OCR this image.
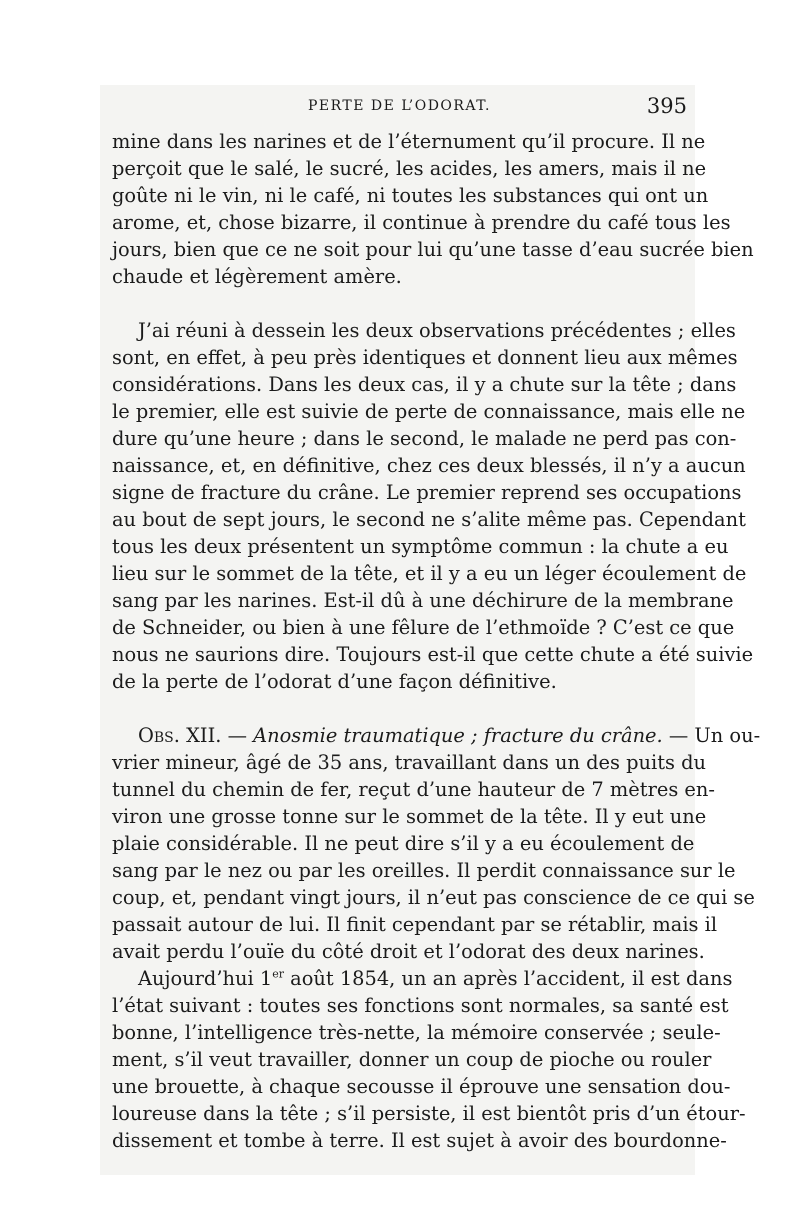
PERTE DE L’ODORAT.	395
mine dans les narines et de l’éternument qu’il procure. Il ne
perçoit que le salé, le sucré, les acides, les amers, mais il ne
goûte ni le vin, ni le café, ni toutes les substances qui ont un
arome, et, chose bizarre, il continue à prendre du café tous les
jours, bien que ce ne soit pour lui qu’une tasse d’eau sucrée bien
chaude et légèrement amère.
J’ai réuni à dessein les deux observations précédentes ; elles
sont, en effet, à peu près identiques et donnent lieu aux mêmes
considérations. Dans les deux cas, il y a chute sur la tête ; dans
le premier, elle est suivie de perte de connaissance, mais elle ne
dure qu’une heure ; dans le second, le malade ne perd pas con-
naissance, et, en définitive, chez ces deux blessés, il n’y a aucun
signe de fracture du crâne. Le premier reprend ses occupations
au bout de sept jours, le second ne s’alite même pas. Cependant
tous les deux présentent un symptôme commun : la chute a eu
lieu sur le sommet de la tête, et il y a eu un léger écoulement de
sang par les narines. Est-il dû à une déchirure de la membrane
de Schneider, ou bien à une fêlure de l’ethmoïde ? C’est ce que
nous ne saurions dire. Toujours est-il que cette chute a été suivie
de la perte de l’odorat d’une façon définitive.
Obs. XII. — Anosmie traumatique ; fracture du crâne. — Un ou-
vrier mineur, âgé de 35 ans, travaillant dans un des puits du
tunnel du chemin de fer, reçut d’une hauteur de 7 mètres en-
viron une grosse tonne sur le sommet de la tête. Il y eut une
plaie considérable. Il ne peut dire s’il y a eu écoulement de
sang par le nez ou par les oreilles. Il perdit connaissance sur le
coup, et, pendant vingt jours, il n’eut pas conscience de ce qui se
passait autour de lui. Il finit cependant par se rétablir, mais il
avait perdu l’ouïe du côté droit et l’odorat des deux narines.
Aujourd’hui 1er août 1854, un an après l’accident, il est dans
l’état suivant : toutes ses fonctions sont normales, sa santé est
bonne, l’intelligence très-nette, la mémoire conservée ; seule-
ment, s’il veut travailler, donner un coup de pioche ou rouler
une brouette, à chaque secousse il éprouve une sensation dou-
loureuse dans la tête ; s’il persiste, il est bientôt pris d’un étour-
dissement et tombe à terre. Il est sujet à avoir des bourdonne-
